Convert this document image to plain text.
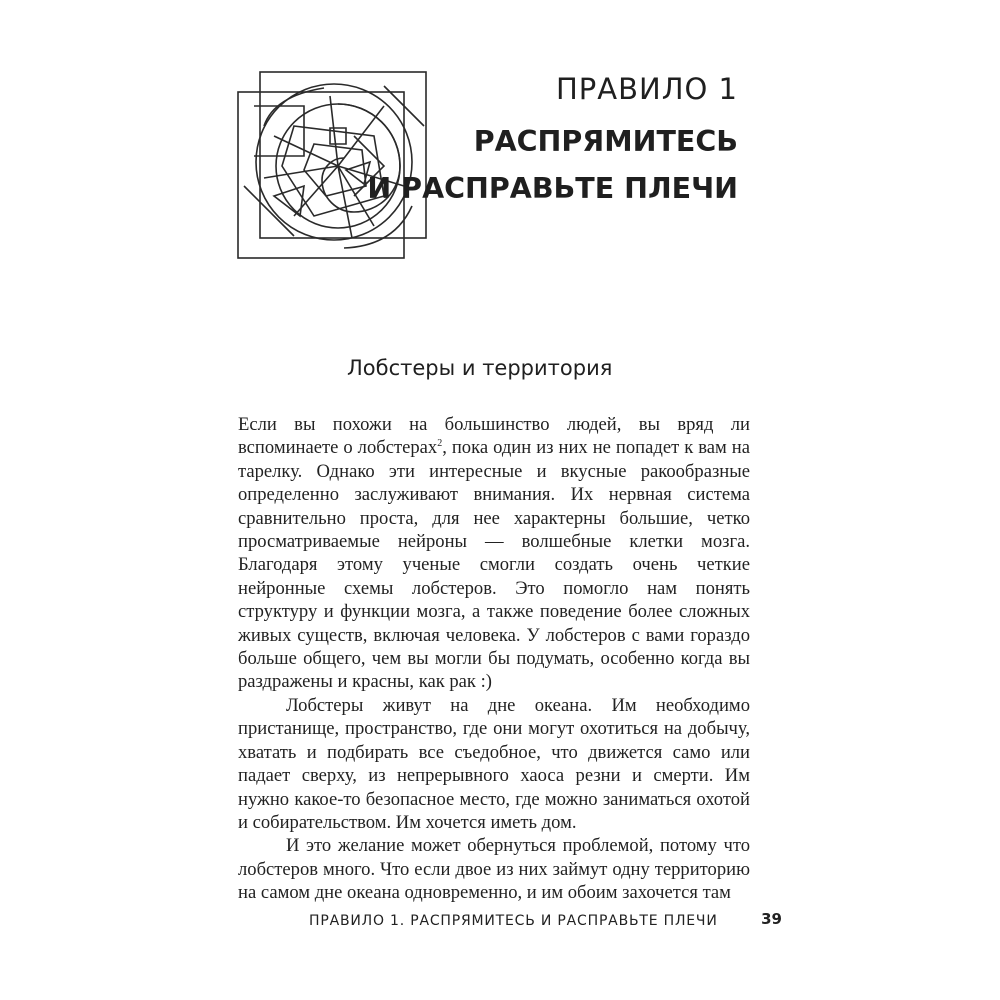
ПРАВИЛО 1
РАСПРЯМИТЕСЬ
И РАСПРАВЬТЕ ПЛЕЧИ
Лобстеры и территория

Если вы похожи на большинство людей, вы вряд ли вспоминаете о лобстерах$^2$, пока один из них не попадет к вам на тарелку. Однако эти интересные и вкусные ракообразные определенно заслуживают внимания. Их нервная система сравнительно проста, для нее характерны большие, четко просматриваемые нейроны — волшебные клетки мозга. Благодаря этому ученые смогли создать очень четкие нейронные схемы лобстеров. Это помогло нам понять структуру и функции мозга, а также поведение более сложных живых существ, включая человека. У лобстеров с вами гораздо больше общего, чем вы могли бы подумать, особенно когда вы раздражены и красны, как рак :)

Лобстеры живут на дне океана. Им необходимо пристанище, пространство, где они могут охотиться на добычу, хватать и подбирать все съедобное, что движется само или падает сверху, из непрерывного хаоса резни и смерти. Им нужно какое-то безопасное место, где можно заниматься охотой и собирательством. Им хочется иметь дом.

И это желание может обернуться проблемой, потому что лобстеров много. Что если двое из них займут одну территорию на самом дне океана одновременно, и им обоим захочется там

ПРАВИЛО 1. РАСПРЯМИТЕСЬ И РАСПРАВЬТЕ ПЛЕЧИ	39
